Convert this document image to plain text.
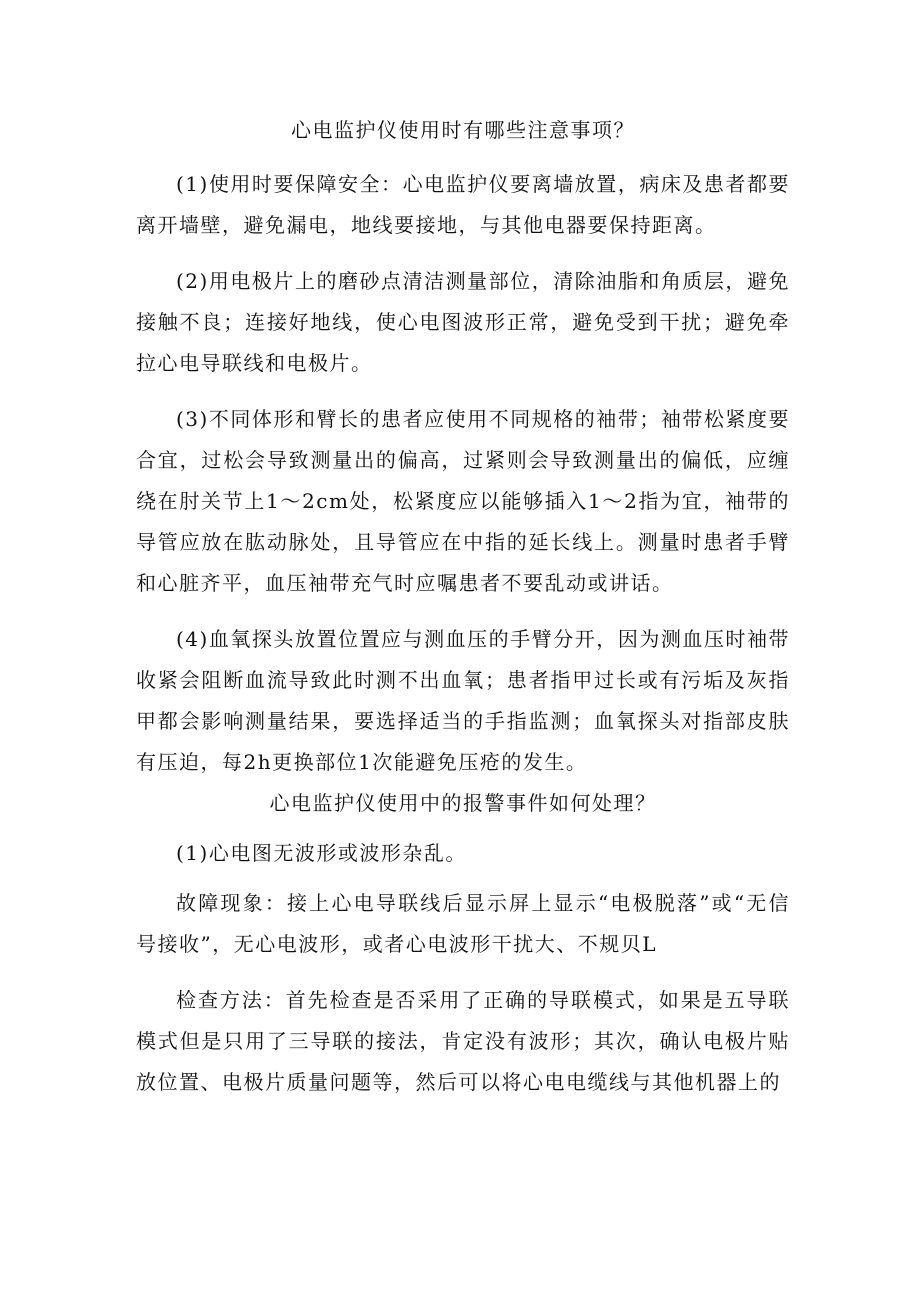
心电监护仪使用时有哪些注意事项？

(1)使用时要保障安全：心电监护仪要离墙放置，病床及患者都要离开墙壁，避免漏电，地线要接地，与其他电器要保持距离。

(2)用电极片上的磨砂点清洁测量部位，清除油脂和角质层，避免接触不良；连接好地线，使心电图波形正常，避免受到干扰；避免牵拉心电导联线和电极片。

(3)不同体形和臂长的患者应使用不同规格的袖带；袖带松紧度要合宜，过松会导致测量出的偏高，过紧则会导致测量出的偏低，应缠绕在肘关节上1～2cm处，松紧度应以能够插入1～2指为宜，袖带的导管应放在肱动脉处，且导管应在中指的延长线上。测量时患者手臂和心脏齐平，血压袖带充气时应嘱患者不要乱动或讲话。

(4)血氧探头放置位置应与测血压的手臂分开，因为测血压时袖带收紧会阻断血流导致此时测不出血氧；患者指甲过长或有污垢及灰指甲都会影响测量结果，要选择适当的手指监测；血氧探头对指部皮肤有压迫，每2h更换部位1次能避免压疮的发生。

心电监护仪使用中的报警事件如何处理？

(1)心电图无波形或波形杂乱。

故障现象：接上心电导联线后显示屏上显示“电极脱落”或“无信号接收”，无心电波形，或者心电波形干扰大、不规贝L

检查方法：首先检查是否采用了正确的导联模式，如果是五导联模式但是只用了三导联的接法，肯定没有波形；其次，确认电极片贴放位置、电极片质量问题等，然后可以将心电电缆线与其他机器上的
